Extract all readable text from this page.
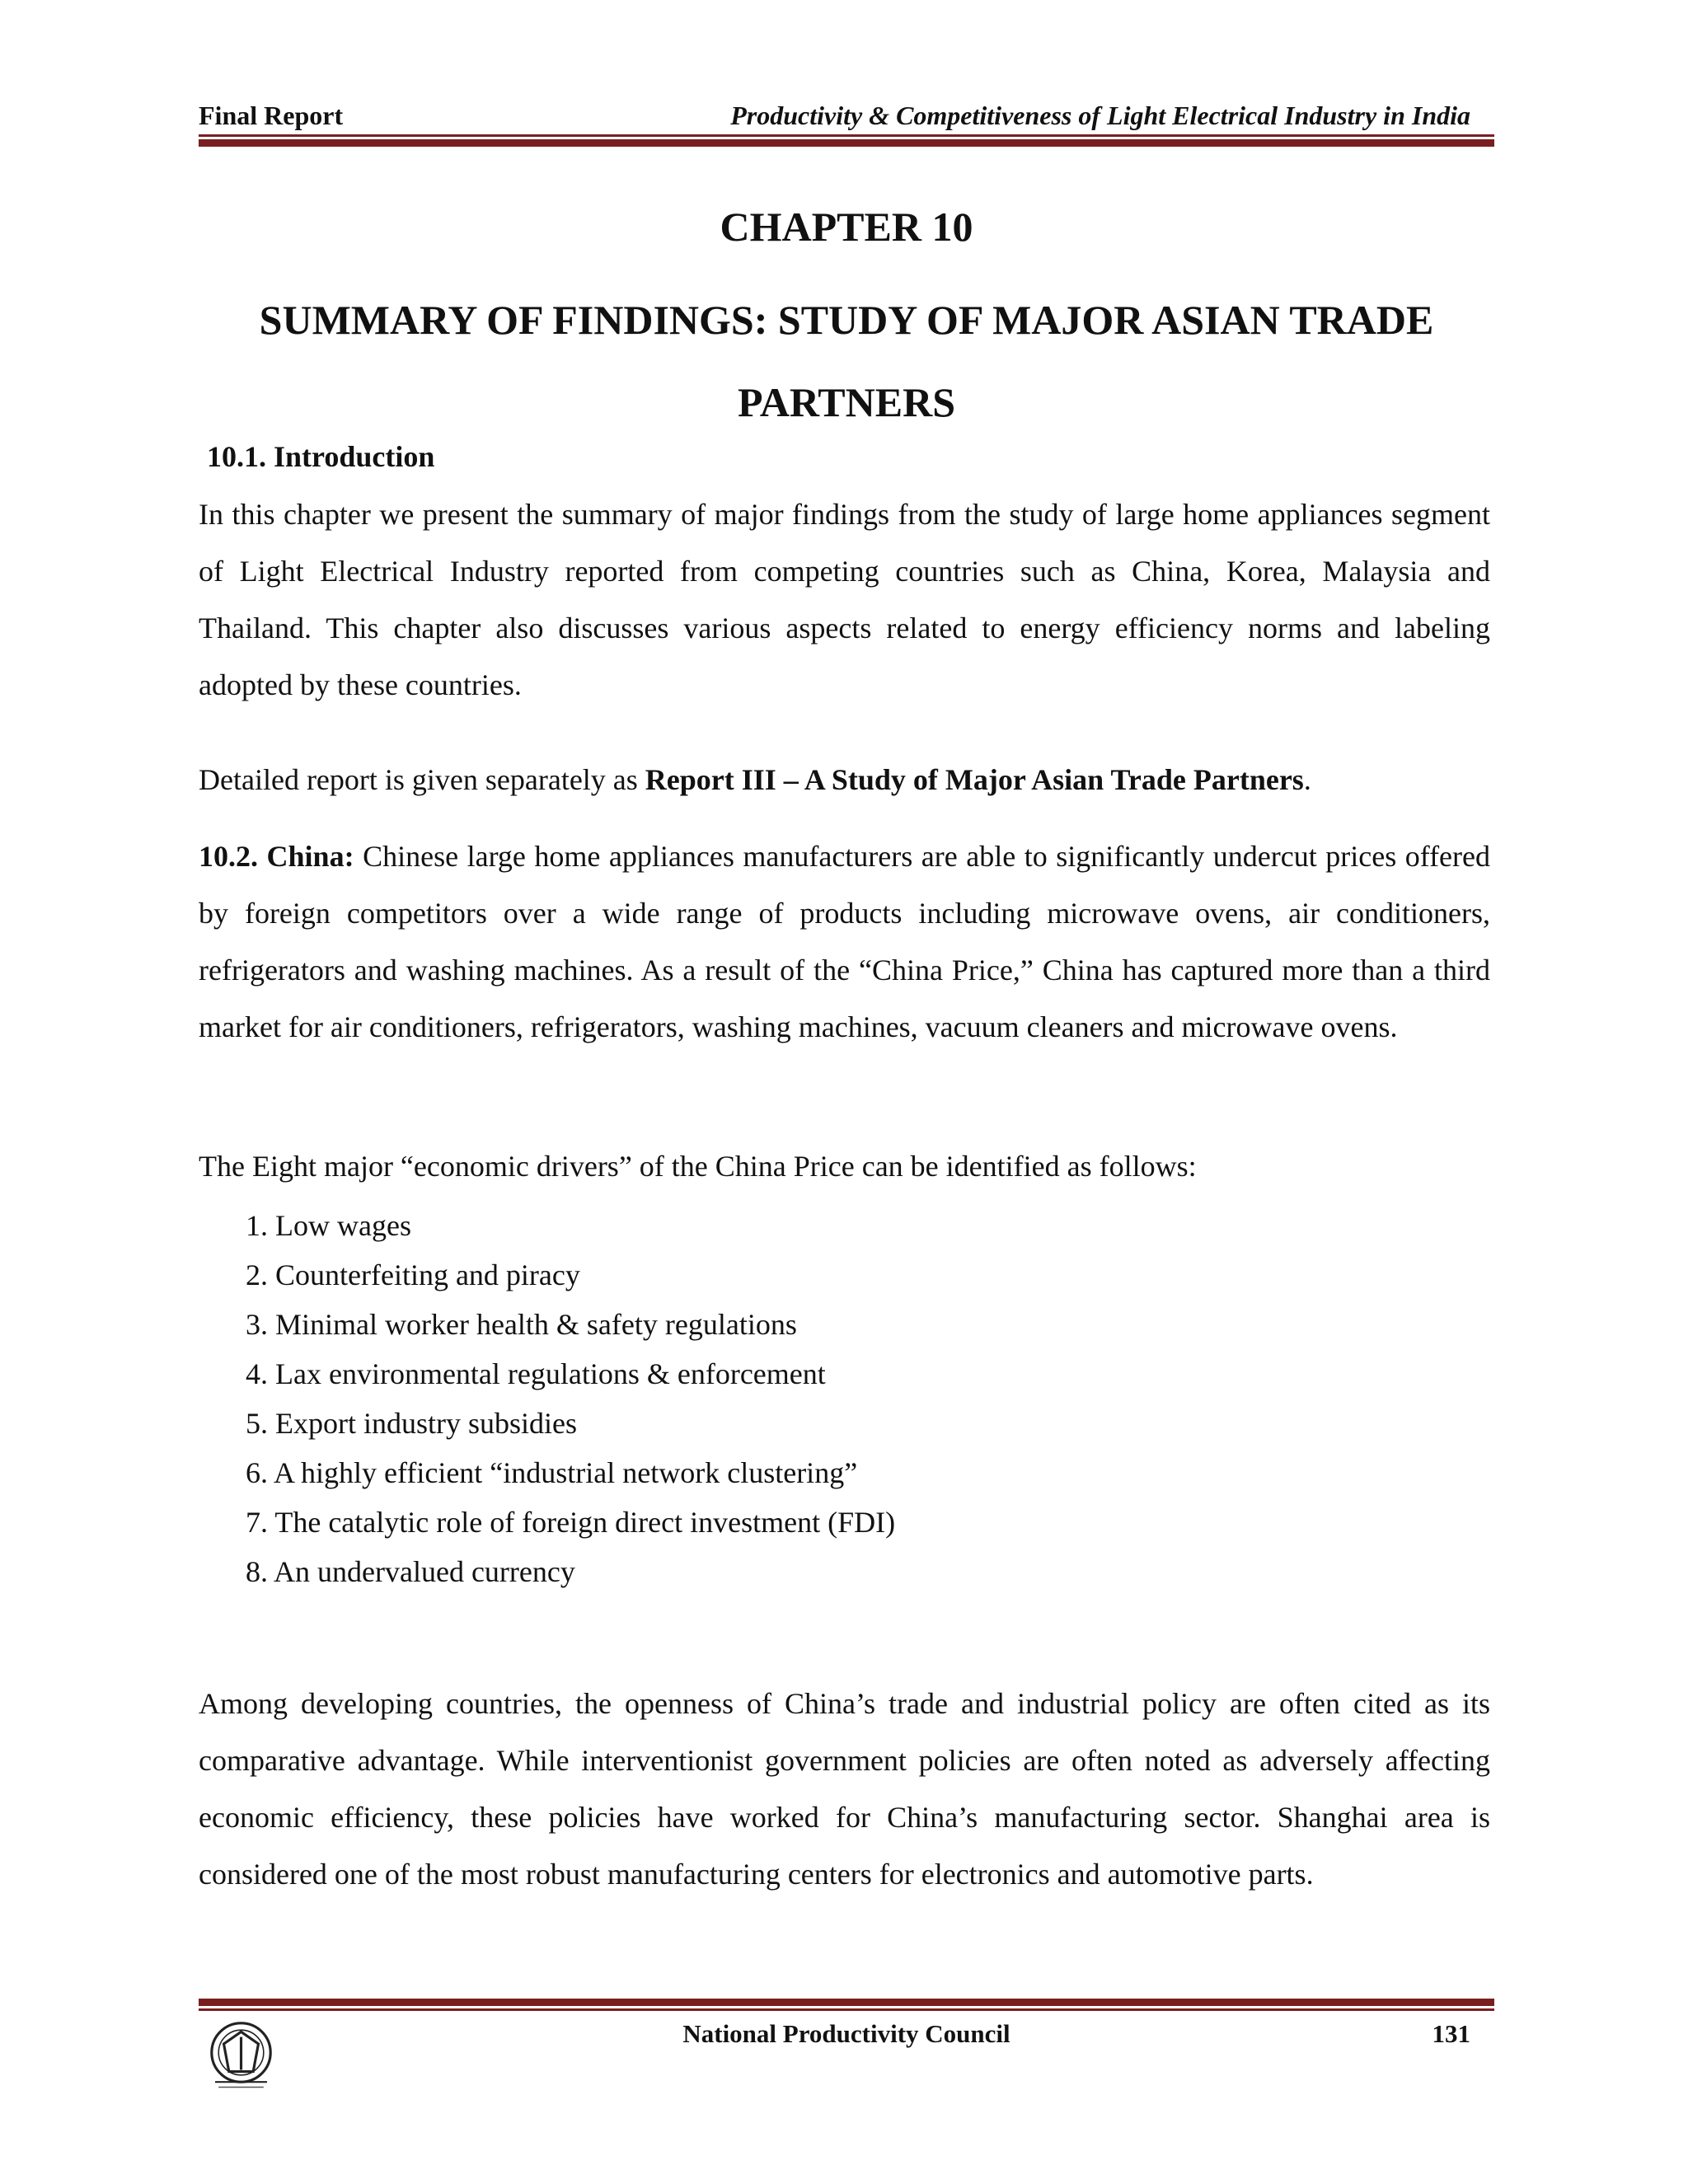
Final Report	Productivity & Competitiveness of Light Electrical Industry in India
CHAPTER 10
SUMMARY OF FINDINGS: STUDY OF MAJOR ASIAN TRADE PARTNERS
10.1. Introduction

In this chapter we present the summary of major findings from the study of large home appliances segment of Light Electrical Industry reported from competing countries such as China, Korea, Malaysia and Thailand. This chapter also discusses various aspects related to energy efficiency norms and labeling adopted by these countries.

Detailed report is given separately as Report III – A Study of Major Asian Trade Partners.

10.2. China: Chinese large home appliances manufacturers are able to significantly undercut prices offered by foreign competitors over a wide range of products including microwave ovens, air conditioners, refrigerators and washing machines. As a result of the “China Price,” China has captured more than a third market for air conditioners, refrigerators, washing machines, vacuum cleaners and microwave ovens.

The Eight major “economic drivers” of the China Price can be identified as follows:

1. Low wages
2. Counterfeiting and piracy
3. Minimal worker health & safety regulations
4. Lax environmental regulations & enforcement
5. Export industry subsidies
6. A highly efficient “industrial network clustering”
7. The catalytic role of foreign direct investment (FDI)
8. An undervalued currency

Among developing countries, the openness of China’s trade and industrial policy are often cited as its comparative advantage. While interventionist government policies are often noted as adversely affecting economic efficiency, these policies have worked for China’s manufacturing sector. Shanghai area is considered one of the most robust manufacturing centers for electronics and automotive parts.

National Productivity Council	131
